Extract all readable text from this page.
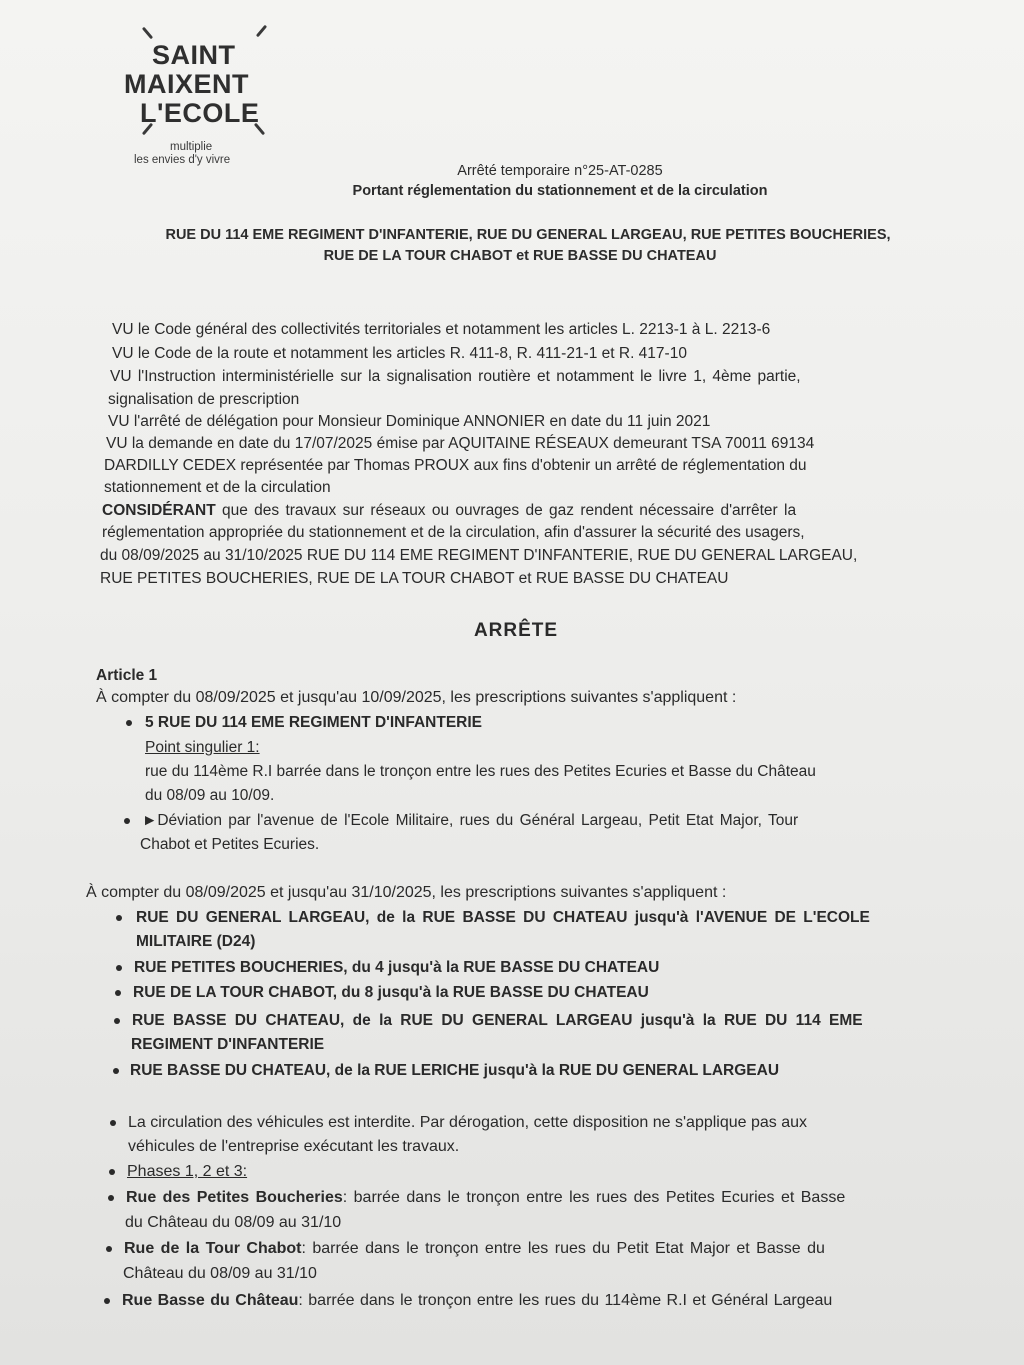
SAINT
MAIXENT
L'ECOLE
multiplie
les envies d'y vivre
Arrêté temporaire n°25-AT-0285
Portant réglementation du stationnement et de la circulation
RUE DU 114 EME REGIMENT D'INFANTERIE, RUE DU GENERAL LARGEAU, RUE PETITES BOUCHERIES,
RUE DE LA TOUR CHABOT et RUE BASSE DU CHATEAU
VU le Code général des collectivités territoriales et notamment les articles L. 2213-1 à L. 2213-6
VU le Code de la route et notamment les articles R. 411-8, R. 411-21-1 et R. 417-10
VU l'Instruction interministérielle sur la signalisation routière et notamment le livre 1, 4ème partie,
signalisation de prescription
VU l'arrêté de délégation pour Monsieur Dominique ANNONIER en date du 11 juin 2021
VU la demande en date du 17/07/2025 émise par AQUITAINE RÉSEAUX demeurant TSA 70011 69134
DARDILLY CEDEX représentée par Thomas PROUX aux fins d'obtenir un arrêté de réglementation du
stationnement et de la circulation
CONSIDÉRANT que des travaux sur réseaux ou ouvrages de gaz rendent nécessaire d'arrêter la
réglementation appropriée du stationnement et de la circulation, afin d'assurer la sécurité des usagers,
du 08/09/2025 au 31/10/2025 RUE DU 114 EME REGIMENT D'INFANTERIE, RUE DU GENERAL LARGEAU,
RUE PETITES BOUCHERIES, RUE DE LA TOUR CHABOT et RUE BASSE DU CHATEAU
ARRÊTE
Article 1
À compter du 08/09/2025 et jusqu'au 10/09/2025, les prescriptions suivantes s'appliquent :
5 RUE DU 114 EME REGIMENT D'INFANTERIE
Point singulier 1:
rue du 114ème R.I barrée dans le tronçon entre les rues des Petites Ecuries et Basse du Château
du 08/09 au 10/09.
►Déviation par l'avenue de l'Ecole Militaire, rues du Général Largeau, Petit Etat Major, Tour
Chabot et Petites Ecuries.
À compter du 08/09/2025 et jusqu'au 31/10/2025, les prescriptions suivantes s'appliquent :
RUE DU GENERAL LARGEAU, de la RUE BASSE DU CHATEAU jusqu'à l'AVENUE DE L'ECOLE
MILITAIRE (D24)
RUE PETITES BOUCHERIES, du 4 jusqu'à la RUE BASSE DU CHATEAU
RUE DE LA TOUR CHABOT, du 8 jusqu'à la RUE BASSE DU CHATEAU
RUE BASSE DU CHATEAU, de la RUE DU GENERAL LARGEAU jusqu'à la RUE DU 114 EME
REGIMENT D'INFANTERIE
RUE BASSE DU CHATEAU, de la RUE LERICHE jusqu'à la RUE DU GENERAL LARGEAU
La circulation des véhicules est interdite. Par dérogation, cette disposition ne s'applique pas aux
véhicules de l'entreprise exécutant les travaux.
Phases 1, 2 et 3:
Rue des Petites Boucheries: barrée dans le tronçon entre les rues des Petites Ecuries et Basse
du Château du 08/09 au 31/10
Rue de la Tour Chabot: barrée dans le tronçon entre les rues du Petit Etat Major et Basse du
Château du 08/09 au 31/10
Rue Basse du Château: barrée dans le tronçon entre les rues du 114ème R.I et Général Largeau
